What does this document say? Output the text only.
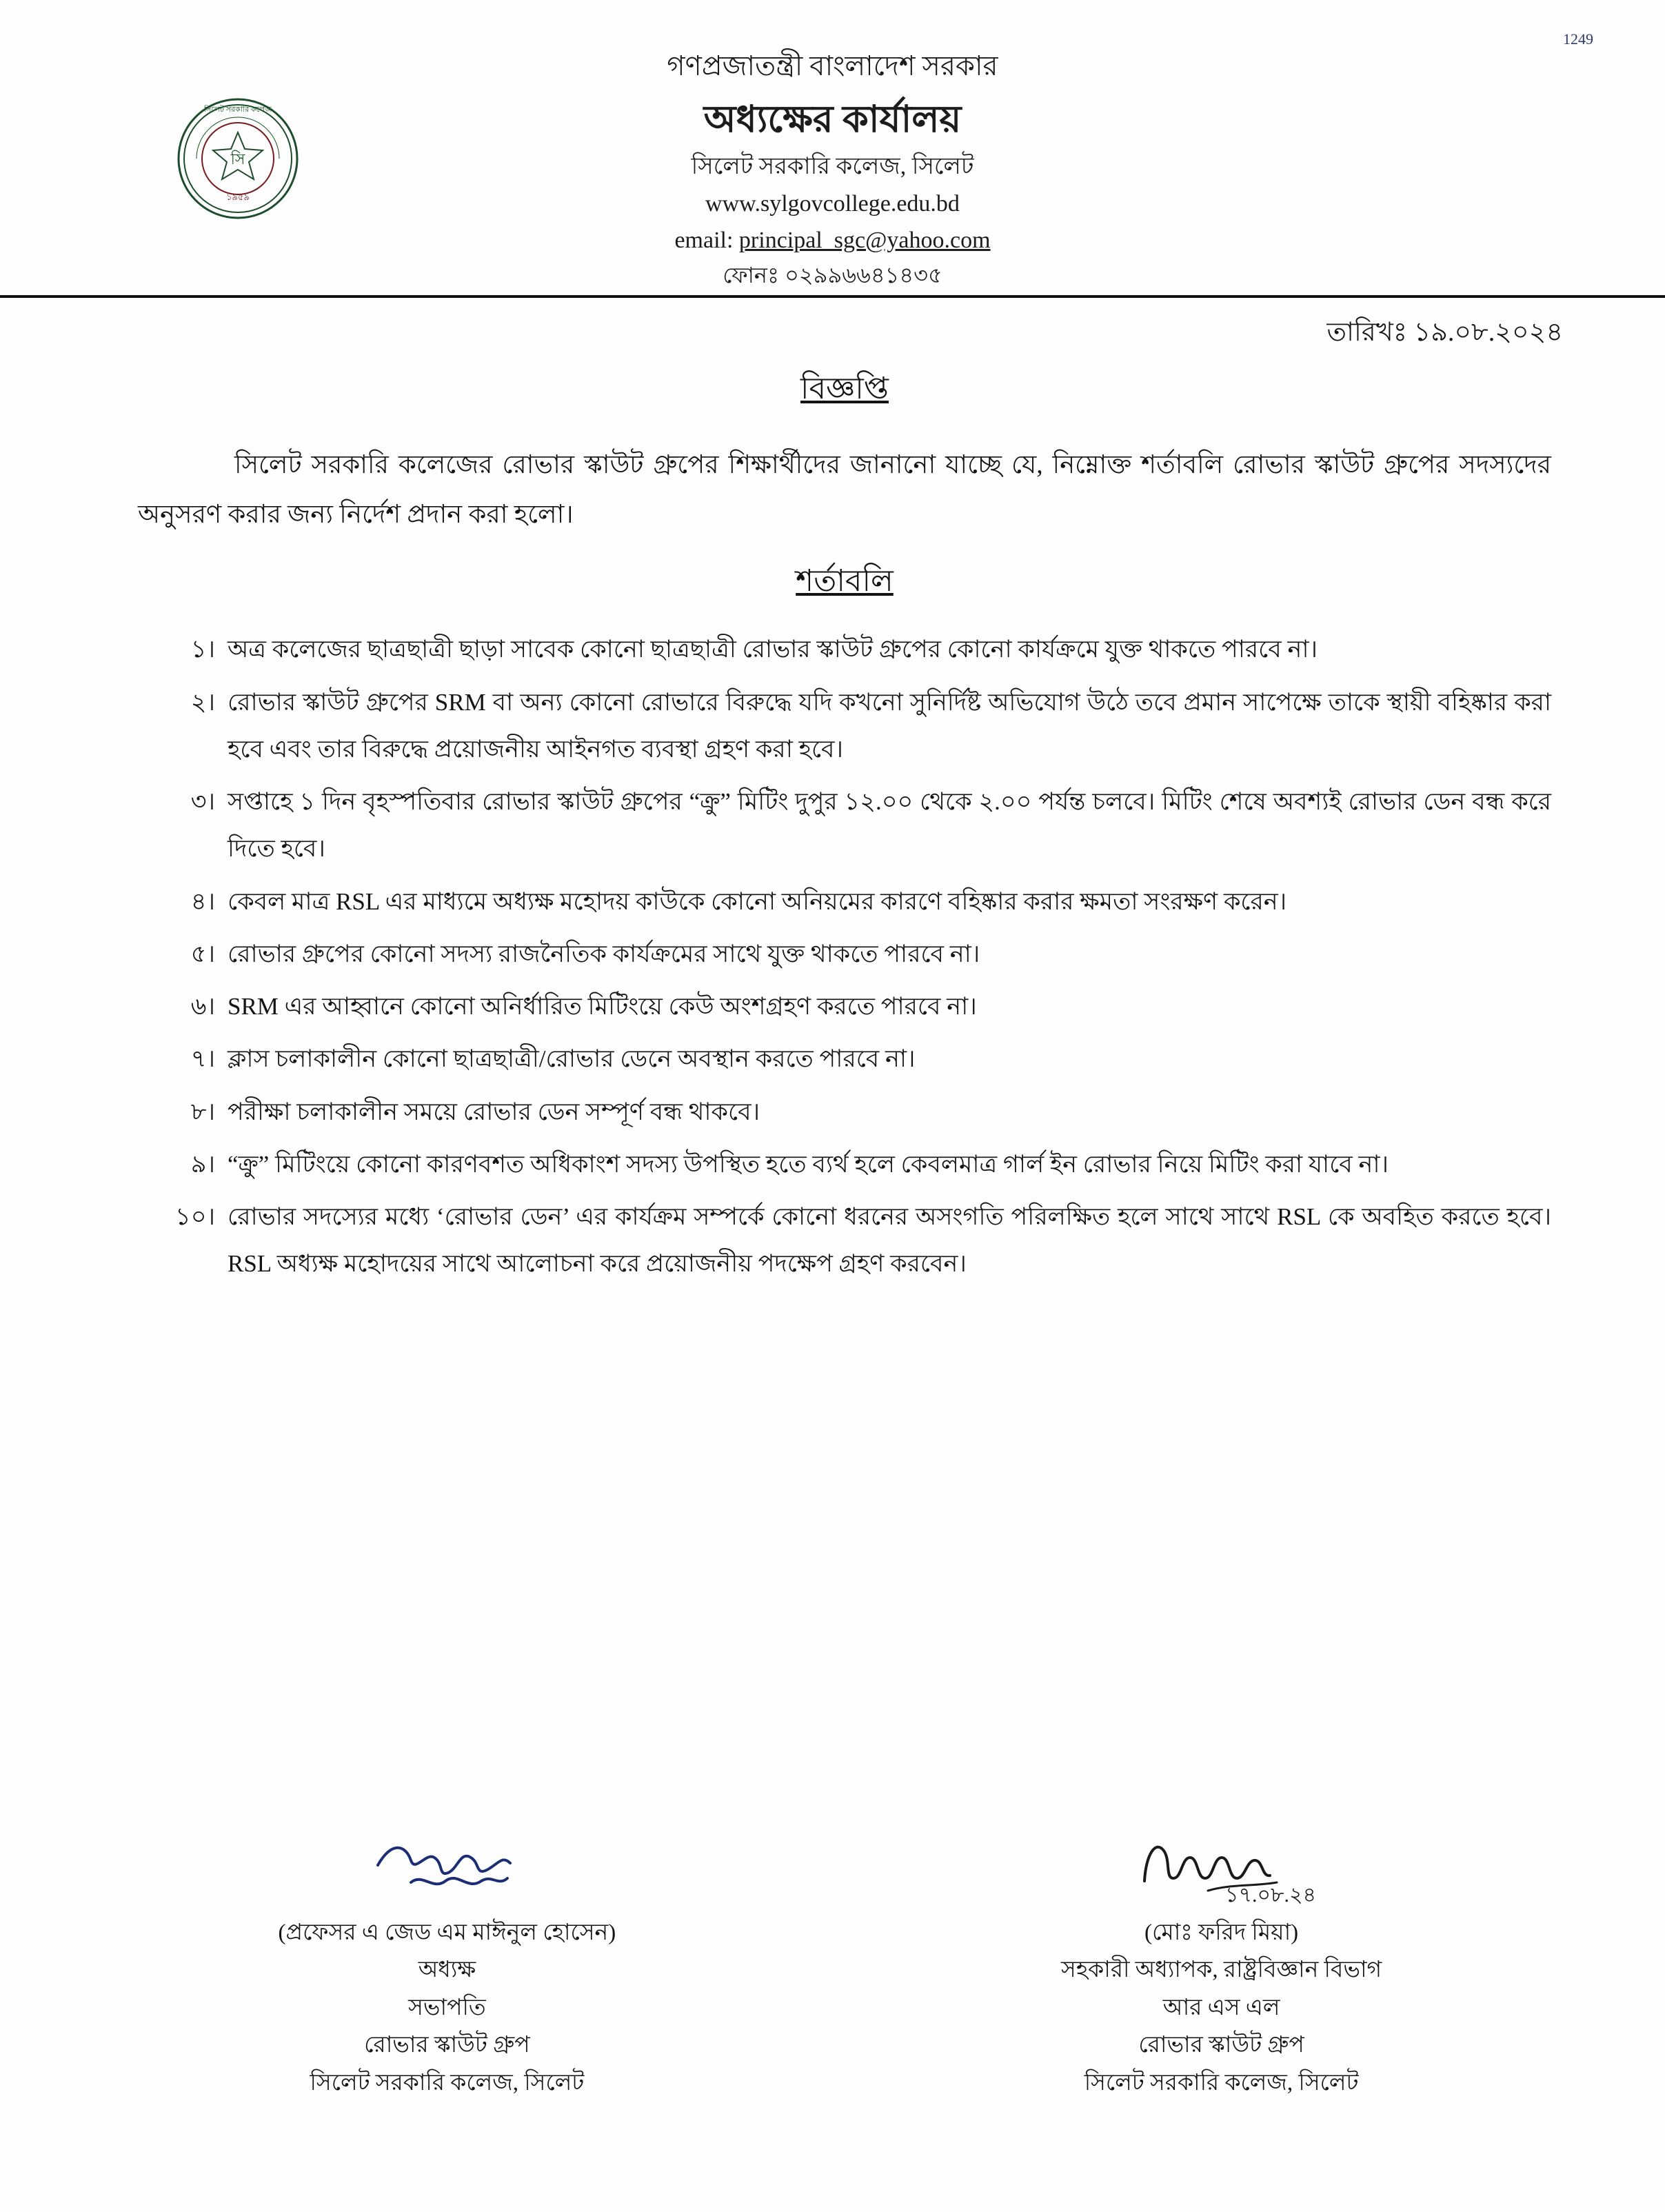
1249
সি
১৯৫৯
সিলেট সরকারি কলেজ
গণপ্রজাতন্ত্রী বাংলাদেশ সরকার
অধ্যক্ষের কার্যালয়
সিলেট সরকারি কলেজ, সিলেট
www.sylgovcollege.edu.bd
email: principal_sgc@yahoo.com
ফোনঃ ০২৯৯৬৬৪১৪৩৫
তারিখঃ ১৯.০৮.২০২৪
বিজ্ঞপ্তি
সিলেট সরকারি কলেজের রোভার স্কাউট গ্রুপের শিক্ষার্থীদের জানানো যাচ্ছে যে, নিম্নোক্ত শর্তাবলি রোভার স্কাউট গ্রুপের সদস্যদের অনুসরণ করার জন্য নির্দেশ প্রদান করা হলো।
শর্তাবলি
১। অত্র কলেজের ছাত্রছাত্রী ছাড়া সাবেক কোনো ছাত্রছাত্রী রোভার স্কাউট গ্রুপের কোনো কার্যক্রমে যুক্ত থাকতে পারবে না।
২। রোভার স্কাউট গ্রুপের SRM বা অন্য কোনো রোভারে বিরুদ্ধে যদি কখনো সুনির্দিষ্ট অভিযোগ উঠে তবে প্রমান সাপেক্ষে তাকে স্থায়ী বহিষ্কার করা হবে এবং তার বিরুদ্ধে প্রয়োজনীয় আইনগত ব্যবস্থা গ্রহণ করা হবে।
৩। সপ্তাহে ১ দিন বৃহস্পতিবার রোভার স্কাউট গ্রুপের “ক্রু” মিটিং দুপুর ১২.০০ থেকে ২.০০ পর্যন্ত চলবে। মিটিং শেষে অবশ্যই রোভার ডেন বন্ধ করে দিতে হবে।
৪। কেবল মাত্র RSL এর মাধ্যমে অধ্যক্ষ মহোদয় কাউকে কোনো অনিয়মের কারণে বহিষ্কার করার ক্ষমতা সংরক্ষণ করেন।
৫। রোভার গ্রুপের কোনো সদস্য রাজনৈতিক কার্যক্রমের সাথে যুক্ত থাকতে পারবে না।
৬। SRM এর আহ্বানে কোনো অনির্ধারিত মিটিংয়ে কেউ অংশগ্রহণ করতে পারবে না।
৭। ক্লাস চলাকালীন কোনো ছাত্রছাত্রী/রোভার ডেনে অবস্থান করতে পারবে না।
৮। পরীক্ষা চলাকালীন সময়ে রোভার ডেন সম্পূর্ণ বন্ধ থাকবে।
৯। “ক্রু” মিটিংয়ে কোনো কারণবশত অধিকাংশ সদস্য উপস্থিত হতে ব্যর্থ হলে কেবলমাত্র গার্ল ইন রোভার নিয়ে মিটিং করা যাবে না।
১০। রোভার সদস্যের মধ্যে ‘রোভার ডেন’ এর কার্যক্রম সম্পর্কে কোনো ধরনের অসংগতি পরিলক্ষিত হলে সাথে সাথে RSL কে অবহিত করতে হবে। RSL অধ্যক্ষ মহোদয়ের সাথে আলোচনা করে প্রয়োজনীয় পদক্ষেপ গ্রহণ করবেন।
(প্রফেসর এ জেড এম মাঈনুল হোসেন)
অধ্যক্ষ
সভাপতি
রোভার স্কাউট গ্রুপ
সিলেট সরকারি কলেজ, সিলেট
১৭.০৮.২৪
(মোঃ ফরিদ মিয়া)
সহকারী অধ্যাপক, রাষ্ট্রবিজ্ঞান বিভাগ
আর এস এল
রোভার স্কাউট গ্রুপ
সিলেট সরকারি কলেজ, সিলেট
